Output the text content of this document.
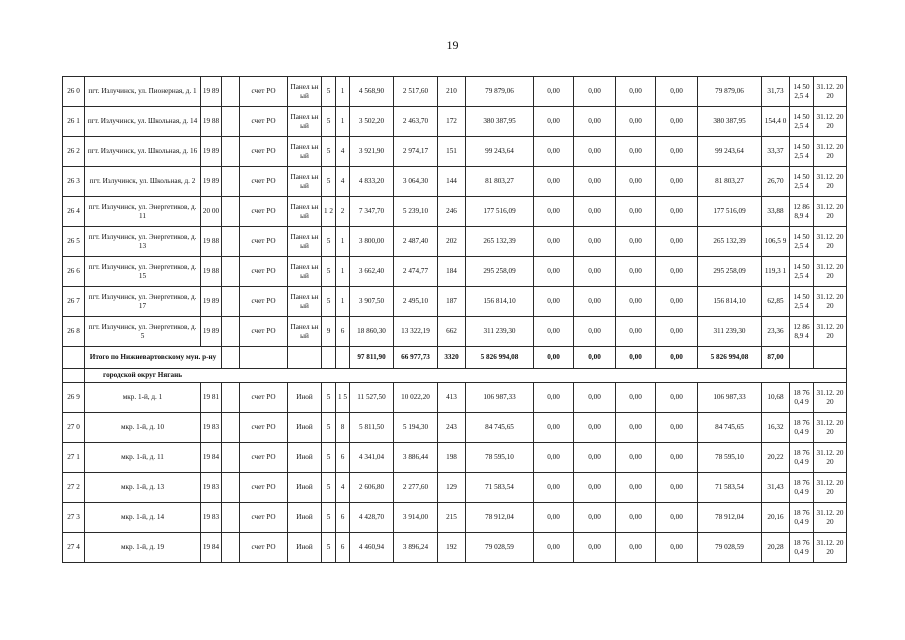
19
26 0	пгт. Излучинск, ул. Пионерная, д. 1	19 89		счет РО	Панел ьный	5	1	4 568,90	2 517,60	210	79 879,06	0,00	0,00	0,00	0,00	79 879,06	31,73	14 502,5 4	31.12. 2020
26 1	пгт. Излучинск, ул. Школьная, д. 14	19 88		счет РО	Панел ьный	5	1	3 502,20	2 463,70	172	380 387,95	0,00	0,00	0,00	0,00	380 387,95	154,4 0	14 502,5 4	31.12. 2020
26 2	пгт. Излучинск, ул. Школьная, д. 16	19 89		счет РО	Панел ьный	5	4	3 921,90	2 974,17	151	99 243,64	0,00	0,00	0,00	0,00	99 243,64	33,37	14 502,5 4	31.12. 2020
26 3	пгт. Излучинск, ул. Школьная, д. 2	19 89		счет РО	Панел ьный	5	4	4 833,20	3 064,30	144	81 803,27	0,00	0,00	0,00	0,00	81 803,27	26,70	14 502,5 4	31.12. 2020
26 4	пгт. Излучинск, ул. Энергетиков, д. 11	20 00		счет РО	Панел ьный	1 2	2	7 347,70	5 239,10	246	177 516,09	0,00	0,00	0,00	0,00	177 516,09	33,88	12 868,9 4	31.12. 2020
26 5	пгт. Излучинск, ул. Энергетиков, д. 13	19 88		счет РО	Панел ьный	5	1	3 800,00	2 487,40	202	265 132,39	0,00	0,00	0,00	0,00	265 132,39	106,5 9	14 502,5 4	31.12. 2020
26 6	пгт. Излучинск, ул. Энергетиков, д. 15	19 88		счет РО	Панел ьный	5	1	3 662,40	2 474,77	184	295 258,09	0,00	0,00	0,00	0,00	295 258,09	119,3 1	14 502,5 4	31.12. 2020
26 7	пгт. Излучинск, ул. Энергетиков, д. 17	19 89		счет РО	Панел ьный	5	1	3 907,50	2 495,10	187	156 814,10	0,00	0,00	0,00	0,00	156 814,10	62,85	14 502,5 4	31.12. 2020
26 8	пгт. Излучинск, ул. Энергетиков, д. 5	19 89		счет РО	Панел ьный	9	6	18 860,30	13 322,19	662	311 239,30	0,00	0,00	0,00	0,00	311 239,30	23,36	12 868,9 4	31.12. 2020
	Итого по Нижневартовскому мун. р-ну							97 811,90	66 977,73	3320	5 826 994,08	0,00	0,00	0,00	0,00	5 826 994,08	87,00		
	городской округ Нягань																		
26 9	мкр. 1-й, д. 1	19 81		счет РО	Иной	5	1 5	11 527,50	10 022,20	413	106 987,33	0,00	0,00	0,00	0,00	106 987,33	10,68	18 760,4 9	31.12. 2020
27 0	мкр. 1-й, д. 10	19 83		счет РО	Иной	5	8	5 811,50	5 194,30	243	84 745,65	0,00	0,00	0,00	0,00	84 745,65	16,32	18 760,4 9	31.12. 2020
27 1	мкр. 1-й, д. 11	19 84		счет РО	Иной	5	6	4 341,04	3 886,44	198	78 595,10	0,00	0,00	0,00	0,00	78 595,10	20,22	18 760,4 9	31.12. 2020
27 2	мкр. 1-й, д. 13	19 83		счет РО	Иной	5	4	2 606,80	2 277,60	129	71 583,54	0,00	0,00	0,00	0,00	71 583,54	31,43	18 760,4 9	31.12. 2020
27 3	мкр. 1-й, д. 14	19 83		счет РО	Иной	5	6	4 428,70	3 914,00	215	78 912,04	0,00	0,00	0,00	0,00	78 912,04	20,16	18 760,4 9	31.12. 2020
27 4	мкр. 1-й, д. 19	19 84		счет РО	Иной	5	6	4 460,94	3 896,24	192	79 028,59	0,00	0,00	0,00	0,00	79 028,59	20,28	18 760,4 9	31.12. 2020
